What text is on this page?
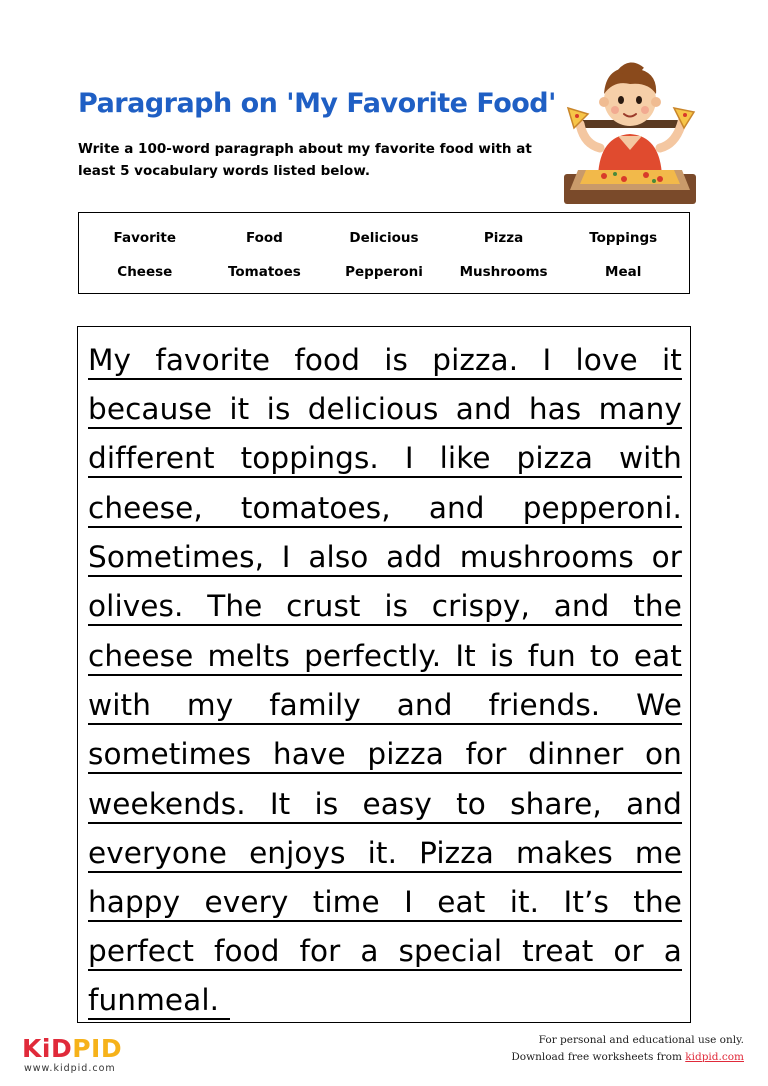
Paragraph on 'My Favorite Food'
Write a 100-word paragraph about my favorite food with at least 5 vocabulary words listed below.
Favorite	Food	Delicious	Pizza	Toppings
Cheese	Tomatoes	Pepperoni	Mushrooms	Meal
My favorite food is pizza. I love it
because it is delicious and has many
different toppings. I like pizza with
cheese, tomatoes, and pepperoni.
Sometimes, I also add mushrooms or
olives. The crust is crispy, and the
cheese melts perfectly. It is fun to eat
with my family and friends. We
sometimes have pizza for dinner on
weekends. It is easy to share, and
everyone enjoys it. Pizza makes me
happy every time I eat it. It’s the
perfect food for a special treat or a
fun meal.
KiDPID
www.kidpid.com
For personal and educational use only.
Download free worksheets from kidpid.com
